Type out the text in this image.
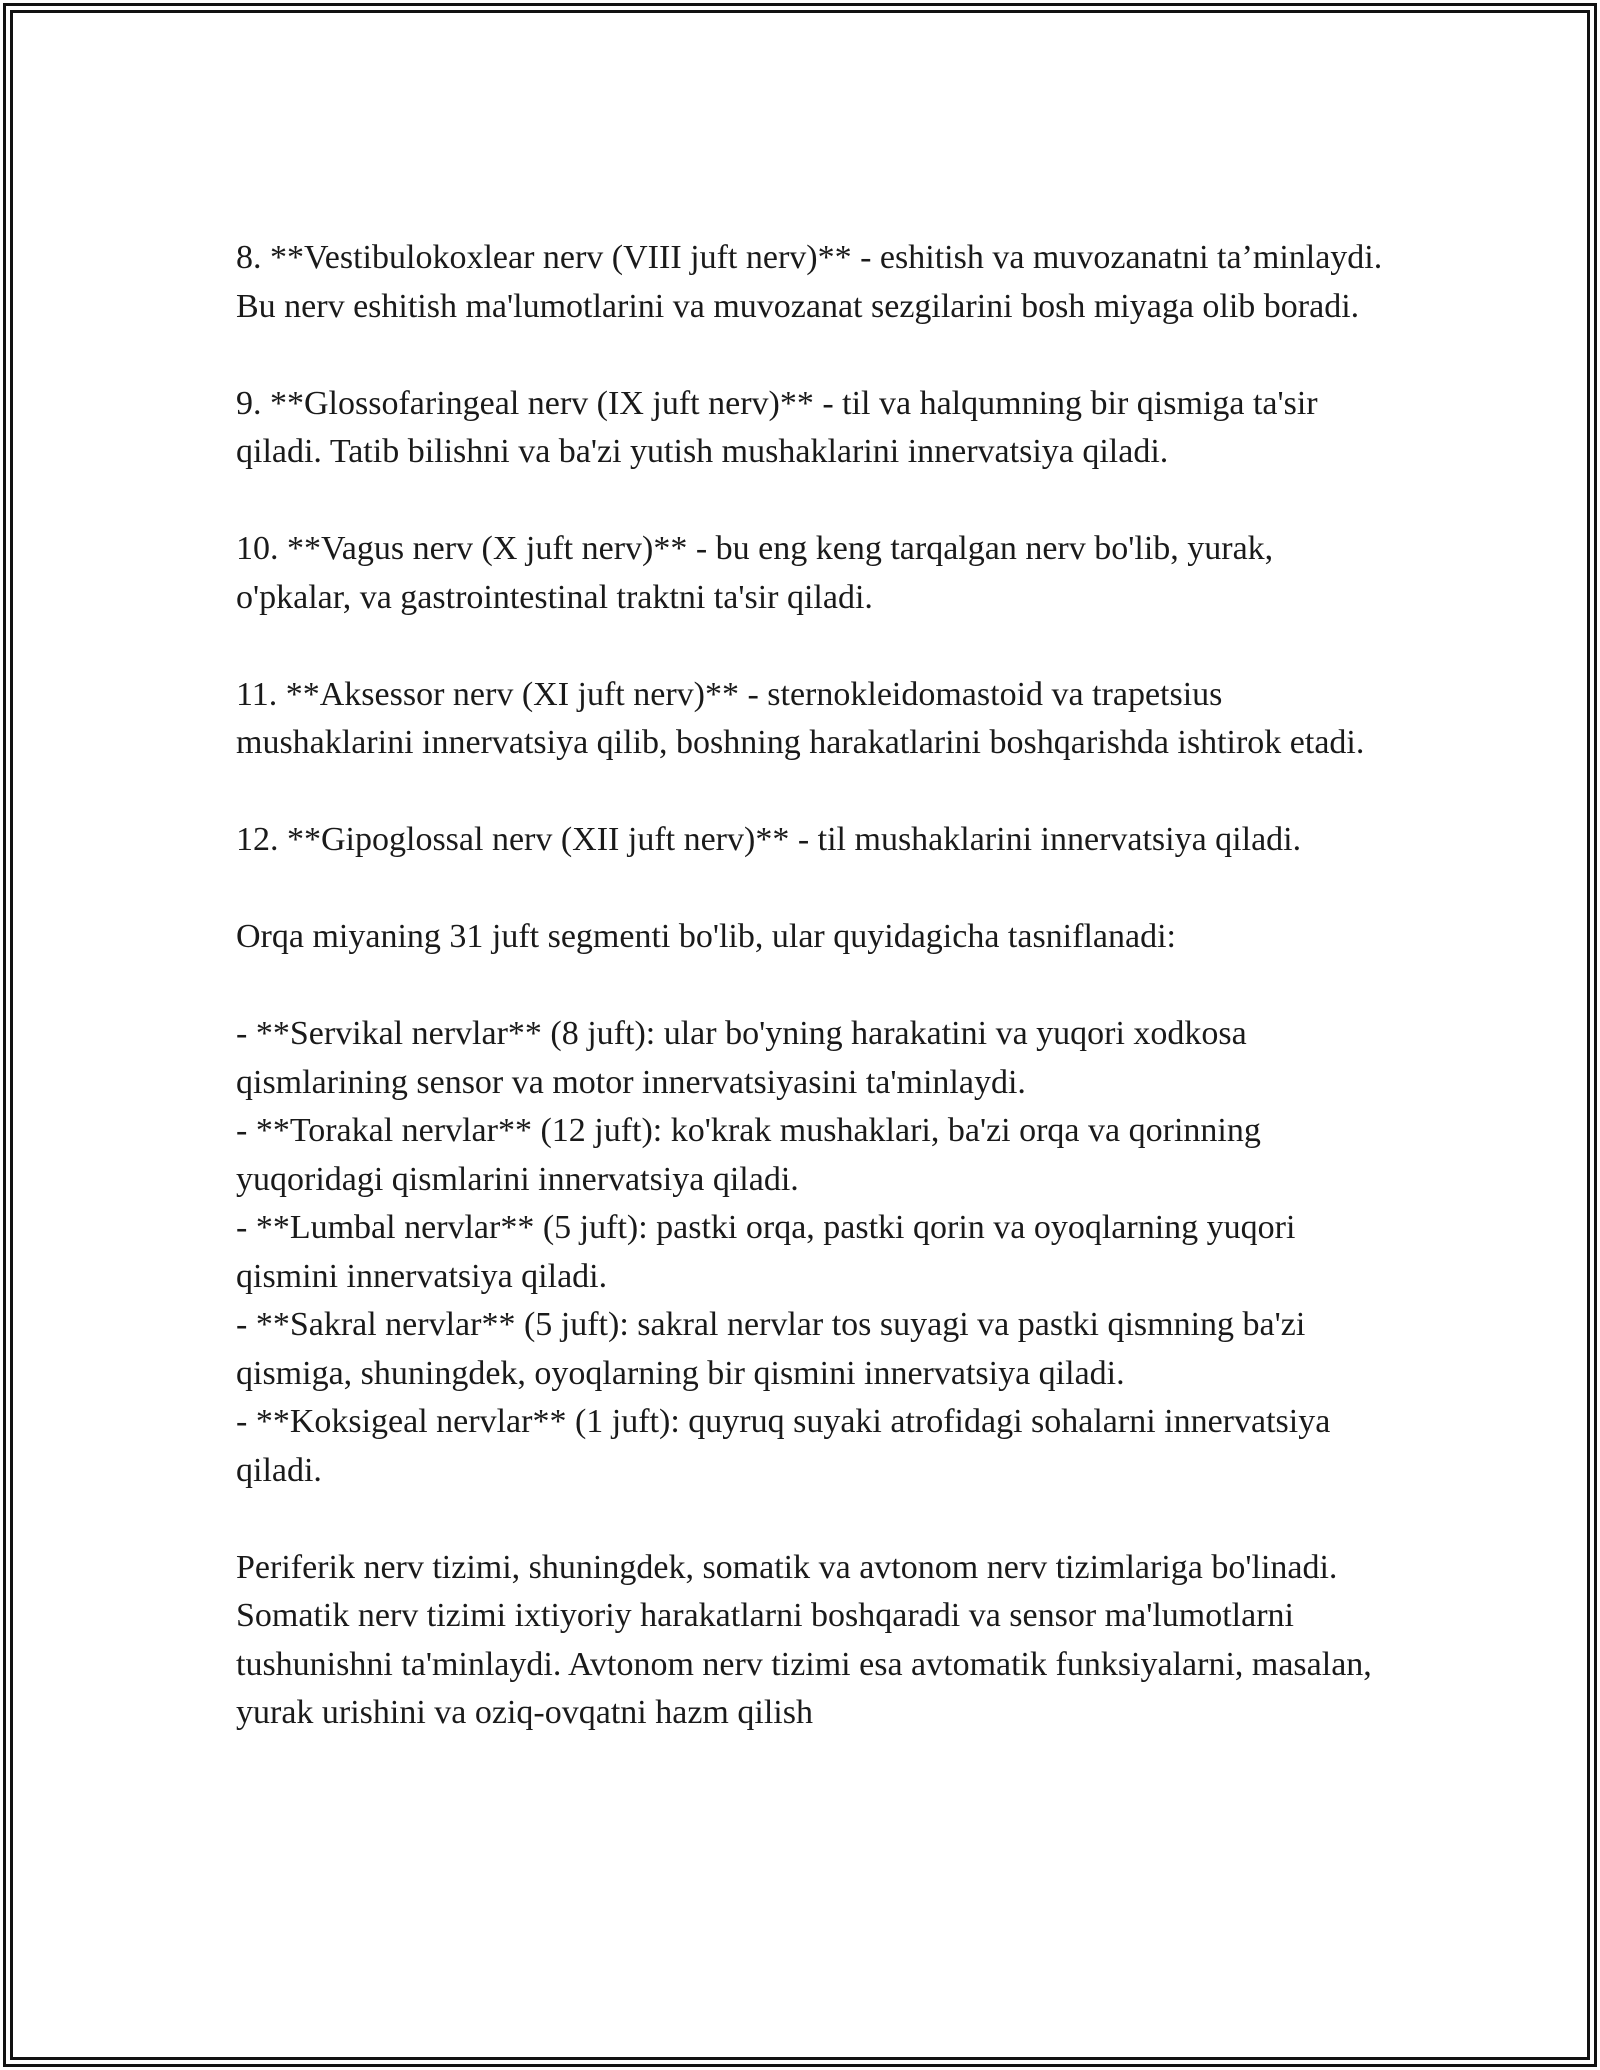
8. **Vestibulokoxlear nerv (VIII juft nerv)** - eshitish va muvozanatni ta’minlaydi. Bu nerv eshitish ma'lumotlarini va muvozanat sezgilarini bosh miyaga olib boradi.

9. **Glossofaringeal nerv (IX juft nerv)** - til va halqumning bir qismiga ta'sir qiladi. Tatib bilishni va ba'zi yutish mushaklarini innervatsiya qiladi.

10. **Vagus nerv (X juft nerv)** - bu eng keng tarqalgan nerv bo'lib, yurak, o'pkalar, va gastrointestinal traktni ta'sir qiladi.

11. **Aksessor nerv (XI juft nerv)** - sternokleidomastoid va trapetsius mushaklarini innervatsiya qilib, boshning harakatlarini boshqarishda ishtirok etadi.

12. **Gipoglossal nerv (XII juft nerv)** - til mushaklarini innervatsiya qiladi.

Orqa miyaning 31 juft segmenti bo'lib, ular quyidagicha tasniflanadi:

- **Servikal nervlar** (8 juft): ular bo'yning harakatini va yuqori xodkosa qismlarining sensor va motor innervatsiyasini ta'minlaydi.

- **Torakal nervlar** (12 juft): ko'krak mushaklari, ba'zi orqa va qorinning yuqoridagi qismlarini innervatsiya qiladi.

- **Lumbal nervlar** (5 juft): pastki orqa, pastki qorin va oyoqlarning yuqori qismini innervatsiya qiladi.

- **Sakral nervlar** (5 juft): sakral nervlar tos suyagi va pastki qismning ba'zi qismiga, shuningdek, oyoqlarning bir qismini innervatsiya qiladi.

- **Koksigeal nervlar** (1 juft): quyruq suyaki atrofidagi sohalarni innervatsiya qiladi.

Periferik nerv tizimi, shuningdek, somatik va avtonom nerv tizimlariga bo'linadi. Somatik nerv tizimi ixtiyoriy harakatlarni boshqaradi va sensor ma'lumotlarni tushunishni ta'minlaydi. Avtonom nerv tizimi esa avtomatik funksiyalarni, masalan, yurak urishini va oziq-ovqatni hazm qilish
